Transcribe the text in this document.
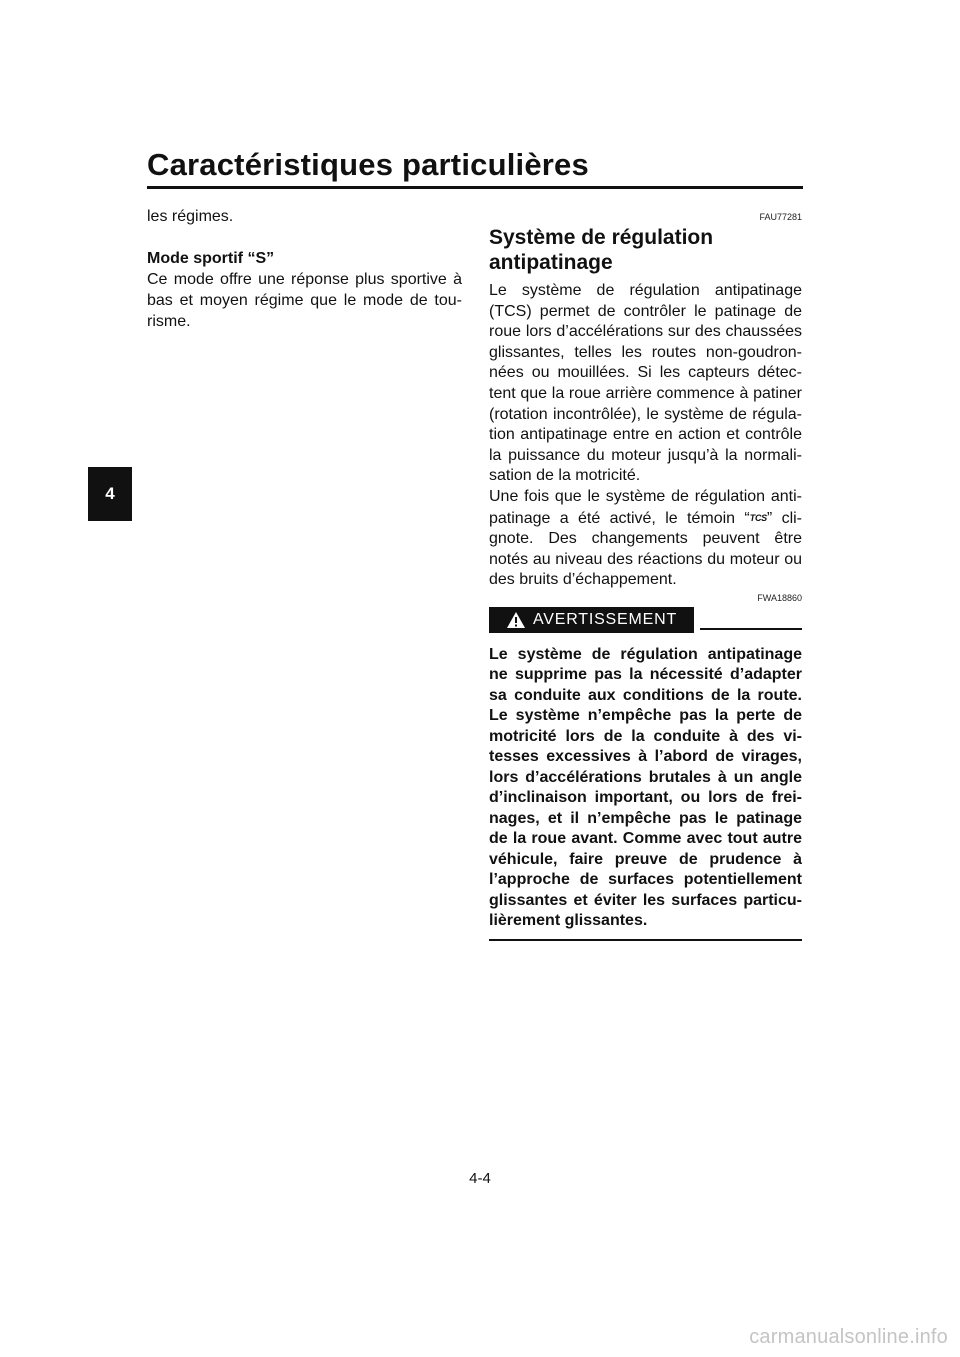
Caractéristiques particulières
4

les régimes.

Mode sportif “S”

Ce mode offre une réponse plus sportive à bas et moyen régime que le mode de tou-risme.

FAU77281

Système de régulation antipatinage

Le système de régulation antipatinage (TCS) permet de contrôler le patinage de roue lors d’accélérations sur des chaussées glissantes, telles les routes non-goudron-nées ou mouillées. Si les capteurs détec-tent que la roue arrière commence à patiner (rotation incontrôlée), le système de régula-tion antipatinage entre en action et contrôle la puissance du moteur jusqu’à la normali-sation de la motricité.

Une fois que le système de régulation anti-patinage a été activé, le témoin “TCS” cli-gnote. Des changements peuvent être notés au niveau des réactions du moteur ou des bruits d’échappement.

FWA18860

AVERTISSEMENT

Le système de régulation antipatinage ne supprime pas la nécessité d’adapter sa conduite aux conditions de la route. Le système n’empêche pas la perte de motricité lors de la conduite à des vi-tesses excessives à l’abord de virages, lors d’accélérations brutales à un angle d’inclinaison important, ou lors de frei-nages, et il n’empêche pas le patinage de la roue avant. Comme avec tout autre véhicule, faire preuve de prudence à l’approche de surfaces potentiellement glissantes et éviter les surfaces particu-lièrement glissantes.

4-4
carmanualsonline.info
